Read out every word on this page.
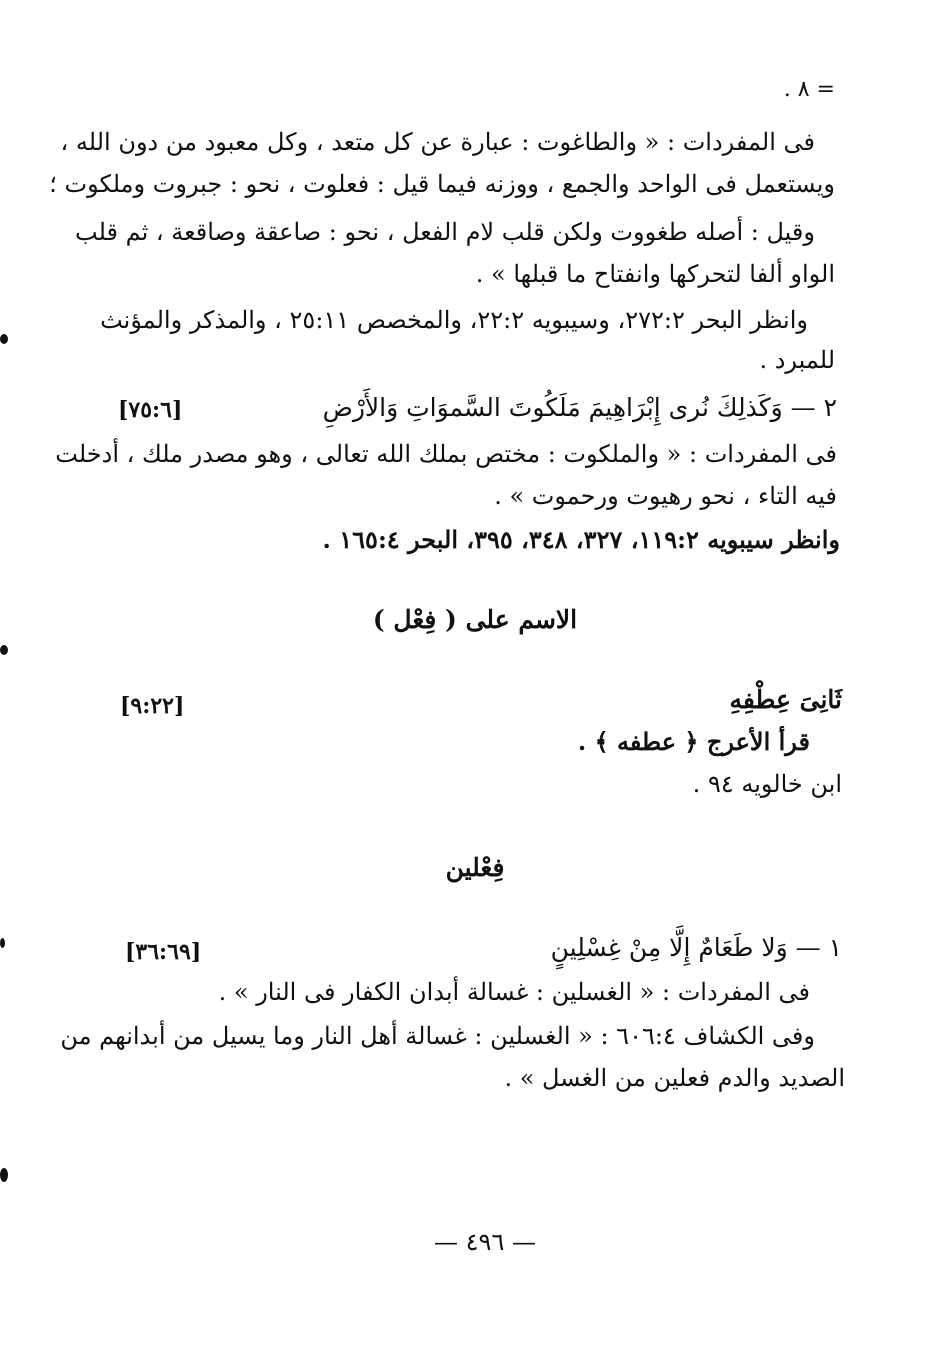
= ٨ .
فى المفردات : « والطاغوت : عبارة عن كل متعد ، وكل معبود من دون الله ،
ويستعمل فى الواحد والجمع ، ووزنه فيما قيل : فعلوت ، نحو : جبروت وملكوت ؛
وقيل : أصله طغووت ولكن قلب لام الفعل ، نحو : صاعقة وصاقعة ، ثم قلب
الواو ألفا لتحركها وانفتاح ما قبلها » .
وانظر البحر ٢٧٢:٢، وسيبويه ٢٢:٢، والمخصص ٢٥:١١ ، والمذكر والمؤنث
للمبرد .
٢ — وَكَذلِكَ نُرى إِبْرَاهِيمَ مَلَكُوتَ السَّموَاتِ وَالأَرْضِ
[٧٥:٦]
فى المفردات : « والملكوت : مختص بملك الله تعالى ، وهو مصدر ملك ، أدخلت
فيه التاء ، نحو رهيوت ورحموت » .
وانظر سيبويه ١١٩:٢، ٣٢٧، ٣٤٨، ٣٩٥، البحر ١٦٥:٤ .
الاسم على ( فِعْل )
ثَانِىَ عِطْفِهِ
[٩:٢٢]
قرأ الأعرج ﴿ عطفه ﴾ .
ابن خالويه ٩٤ .
فِعْلين
١ — وَلا طَعَامٌ إِلَّا مِنْ غِسْلِينٍ
[٣٦:٦٩]
فى المفردات : « الغسلين : غسالة أبدان الكفار فى النار » .
وفى الكشاف ٦٠٦:٤ : « الغسلين : غسالة أهل النار وما يسيل من أبدانهم من
الصديد والدم فعلين من الغسل » .
— ٤٩٦ —
